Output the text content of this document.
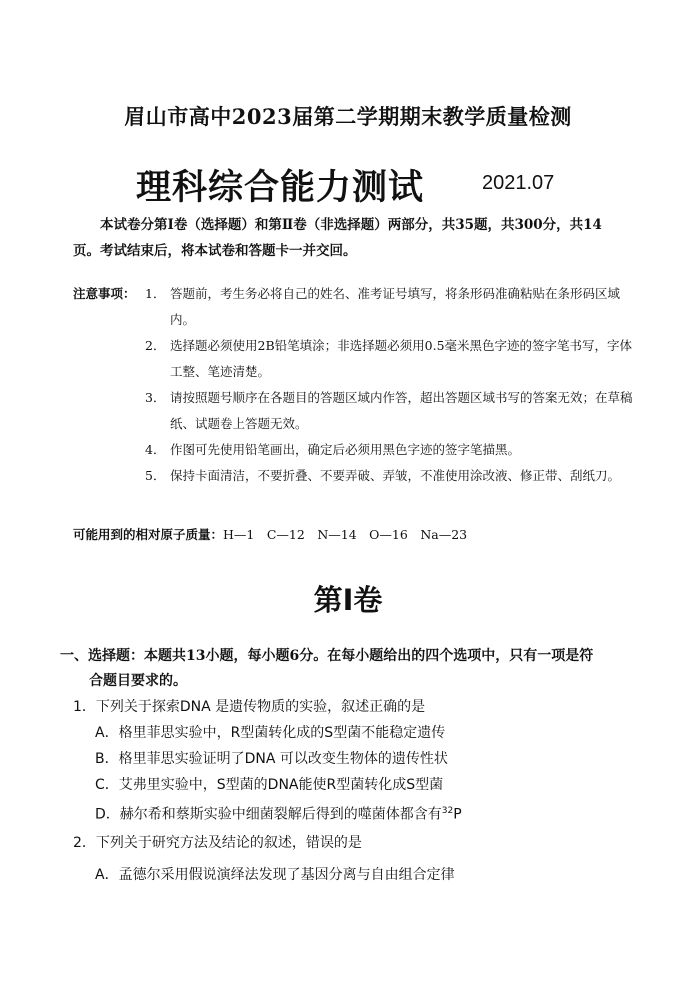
眉山市高中2023届第二学期期末教学质量检测
理科综合能力测试	2021.07
本试卷分第Ⅰ卷（选择题）和第Ⅱ卷（非选择题）两部分，共35题，共300分，共14页。考试结束后，将本试卷和答题卡一并交回。
注意事项： 1． 答题前，考生务必将自己的姓名、准考证号填写，将条形码准确粘贴在条形码区域内。
2． 选择题必须使用2B铅笔填涂；非选择题必须用0.5毫米黑色字迹的签字笔书写，字体工整、笔迹清楚。
3． 请按照题号顺序在各题目的答题区域内作答，超出答题区域书写的答案无效；在草稿纸、试题卷上答题无效。
4． 作图可先使用铅笔画出，确定后必须用黑色字迹的签字笔描黑。
5． 保持卡面清洁，不要折叠、不要弄破、弄皱，不准使用涂改液、修正带、刮纸刀。
可能用到的相对原子质量：H—1　C—12　N—14　O—16　Na—23
第Ⅰ卷
一、选择题：本题共13小题，每小题6分。在每小题给出的四个选项中，只有一项是符
合题目要求的。
1．下列关于探索DNA 是遗传物质的实验，叙述正确的是
A．格里菲思实验中，R型菌转化成的S型菌不能稳定遗传
B．格里菲思实验证明了DNA 可以改变生物体的遗传性状
C．艾弗里实验中，S型菌的DNA能使R型菌转化成S型菌
D．赫尔希和蔡斯实验中细菌裂解后得到的噬菌体都含有$^{32}$P
2．下列关于研究方法及结论的叙述，错误的是
A．孟德尔采用假说演绎法发现了基因分离与自由组合定律
